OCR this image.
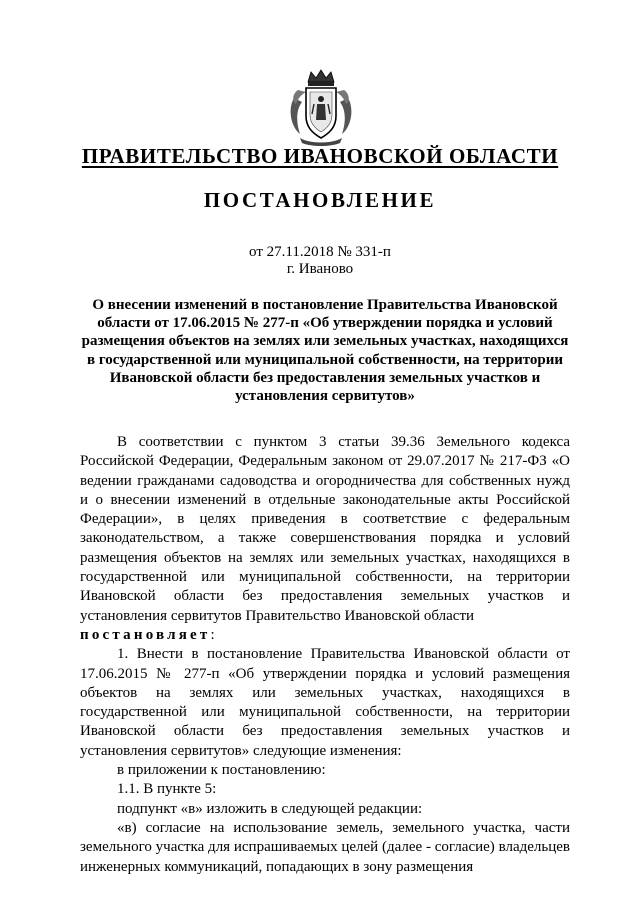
ПРАВИТЕЛЬСТВО ИВАНОВСКОЙ ОБЛАСТИ
ПОСТАНОВЛЕНИЕ
от 27.11.2018 № 331-п
г. Иваново
О внесении изменений в постановление Правительства Ивановской области от 17.06.2015 № 277-п «Об утверждении порядка и условий размещения объектов на землях или земельных участках, находящихся в государственной или муниципальной собственности, на территории Ивановской области без предоставления земельных участков и установления сервитутов»

В соответствии с пунктом 3 статьи 39.36 Земельного кодекса Российской Федерации, Федеральным законом от 29.07.2017 № 217-ФЗ «О ведении гражданами садоводства и огородничества для собственных нужд и о внесении изменений в отдельные законодательные акты Российской Федерации», в целях приведения в соответствие с федеральным законодательством, а также совершенствования порядка и условий размещения объектов на землях или земельных участках, находящихся в государственной или муниципальной собственности, на территории Ивановской области без предоставления земельных участков и установления сервитутов Правительство Ивановской области

постановляет:

1. Внести в постановление Правительства Ивановской области от 17.06.2015 № 277-п «Об утверждении порядка и условий размещения объектов на землях или земельных участках, находящихся в государственной или муниципальной собственности, на территории Ивановской области без предоставления земельных участков и установления сервитутов» следующие изменения:

в приложении к постановлению:

1.1. В пункте 5:

подпункт «в» изложить в следующей редакции:

«в) согласие на использование земель, земельного участка, части земельного участка для испрашиваемых целей (далее - согласие) владельцев инженерных коммуникаций, попадающих в зону размещения
